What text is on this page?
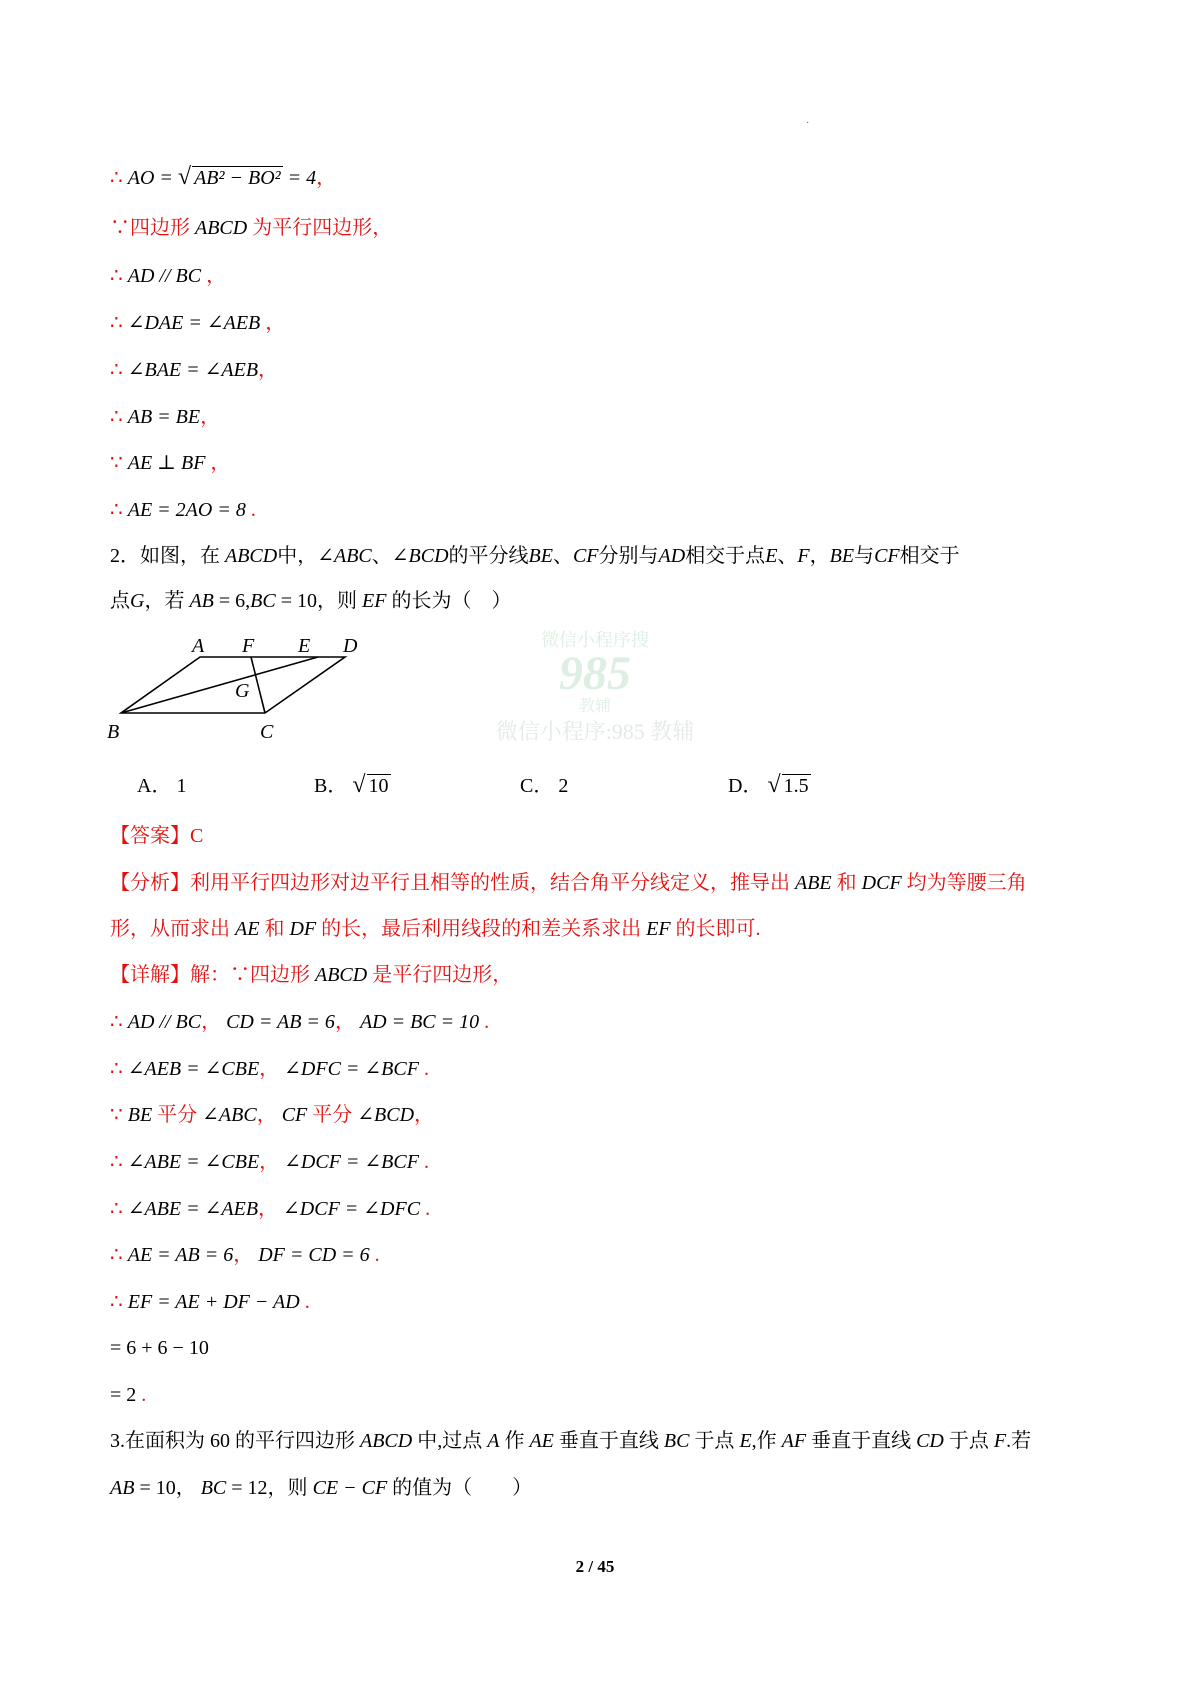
·
∴ AO = √ AB² − BO² = 4，
∵四边形 ABCD 为平行四边形，
∴ AD // BC ，
∴ ∠DAE = ∠AEB ，
∴ ∠BAE = ∠AEB，
∴ AB = BE，
∵ AE ⊥ BF ，
∴ AE = 2AO = 8 .
2．如图，在 ABCD中，∠ABC、∠BCD的平分线BE、CF分别与AD相交于点E、F，BE与CF相交于
点G，若 AB = 6,BC = 10，则 EF 的长为（　）
【答案】C
【分析】利用平行四边形对边平行且相等的性质，结合角平分线定义，推导出 ABE 和 DCF 均为等腰三角
形，从而求出 AE 和 DF 的长，最后利用线段的和差关系求出 EF 的长即可.
【详解】解：∵四边形 ABCD 是平行四边形，
∴ AD // BC， CD = AB = 6， AD = BC = 10 .
∴ ∠AEB = ∠CBE， ∠DFC = ∠BCF .
∵ BE 平分 ∠ABC， CF 平分 ∠BCD，
∴ ∠ABE = ∠CBE， ∠DCF = ∠BCF .
∴ ∠ABE = ∠AEB， ∠DCF = ∠DFC .
∴ AE = AB = 6， DF = CD = 6 .
∴ EF = AE + DF − AD .
= 6 + 6 − 10
= 2 .
3.在面积为 60 的平行四边形 ABCD 中,过点 A 作 AE 垂直于直线 BC 于点 E,作 AF 垂直于直线 CD 于点 F.若
AB = 10， BC = 12，则 CE − CF 的值为（　　）
微信小程序搜
985
教辅
微信小程序:985 教辅
A F E D
G
B	C
A． 1	B． √ 10	C． 2	D． √ 1.5
2 / 45
